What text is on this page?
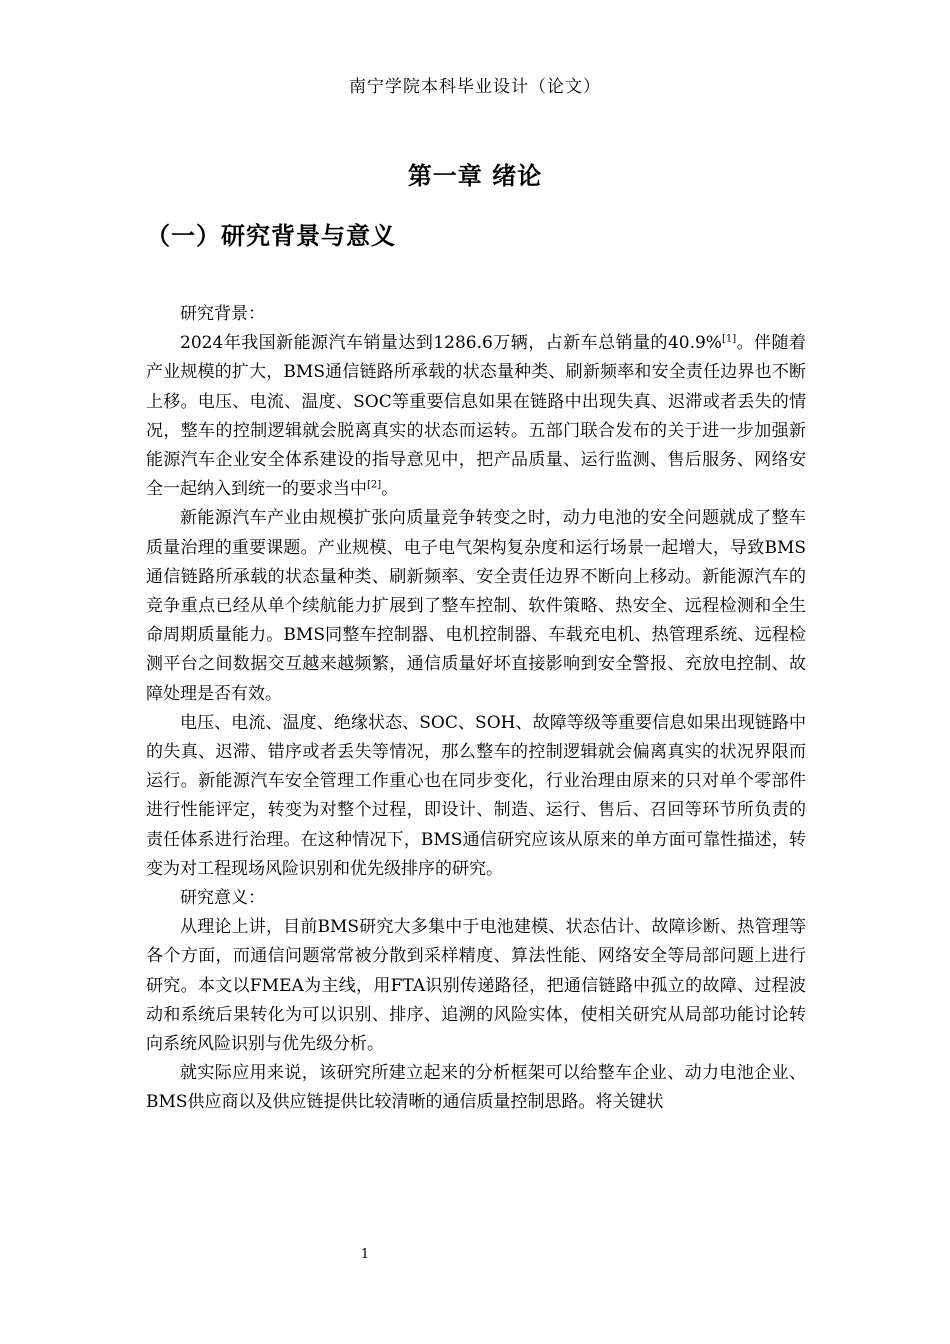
南宁学院本科毕业设计（论文）
第一章 绪论
（一）研究背景与意义

研究背景：

2024年我国新能源汽车销量达到1286.6万辆，占新车总销量的40.9%[1]。伴随着产业规模的扩大，BMS通信链路所承载的状态量种类、刷新频率和安全责任边界也不断上移。电压、电流、温度、SOC等重要信息如果在链路中出现失真、迟滞或者丢失的情况，整车的控制逻辑就会脱离真实的状态而运转。五部门联合发布的关于进一步加强新能源汽车企业安全体系建设的指导意见中，把产品质量、运行监测、售后服务、网络安全一起纳入到统一的要求当中[2]。

新能源汽车产业由规模扩张向质量竞争转变之时，动力电池的安全问题就成了整车质量治理的重要课题。产业规模、电子电气架构复杂度和运行场景一起增大，导致BMS通信链路所承载的状态量种类、刷新频率、安全责任边界不断向上移动。新能源汽车的竞争重点已经从单个续航能力扩展到了整车控制、软件策略、热安全、远程检测和全生命周期质量能力。BMS同整车控制器、电机控制器、车载充电机、热管理系统、远程检测平台之间数据交互越来越频繁，通信质量好坏直接影响到安全警报、充放电控制、故障处理是否有效。

电压、电流、温度、绝缘状态、SOC、SOH、故障等级等重要信息如果出现链路中的失真、迟滞、错序或者丢失等情况，那么整车的控制逻辑就会偏离真实的状况界限而运行。新能源汽车安全管理工作重心也在同步变化，行业治理由原来的只对单个零部件进行性能评定，转变为对整个过程，即设计、制造、运行、售后、召回等环节所负责的责任体系进行治理。在这种情况下，BMS通信研究应该从原来的单方面可靠性描述，转变为对工程现场风险识别和优先级排序的研究。

研究意义：

从理论上讲，目前BMS研究大多集中于电池建模、状态估计、故障诊断、热管理等各个方面，而通信问题常常被分散到采样精度、算法性能、网络安全等局部问题上进行研究。本文以FMEA为主线，用FTA识别传递路径，把通信链路中孤立的故障、过程波动和系统后果转化为可以识别、排序、追溯的风险实体，使相关研究从局部功能讨论转向系统风险识别与优先级分析。

就实际应用来说，该研究所建立起来的分析框架可以给整车企业、动力电池企业、BMS供应商以及供应链提供比较清晰的通信质量控制思路。将关键状

1
